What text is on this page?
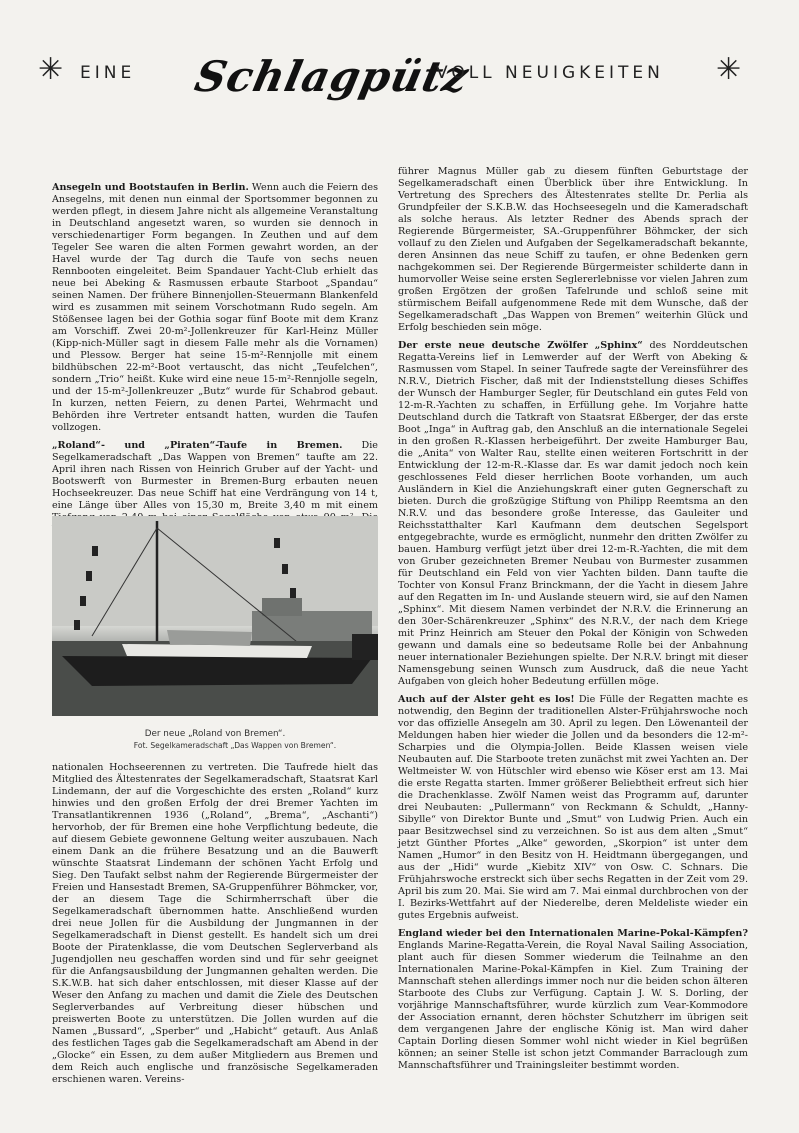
✳ EINE Schlagpütz
VOLL NEUIGKEITEN ✳

Ansegeln und Bootstaufen in Berlin. Wenn auch die Feiern des Ansegelns, mit denen nun einmal der Sportsommer begonnen zu werden pflegt, in diesem Jahre nicht als allgemeine Veranstaltung in Deutschland angesetzt waren, so wurden sie dennoch in verschiedenartiger Form begangen. In Zeuthen und auf dem Tegeler See waren die alten Formen gewahrt worden, an der Havel wurde der Tag durch die Taufe von sechs neuen Rennbooten eingeleitet. Beim Spandauer Yacht-Club erhielt das neue bei Abeking & Rasmussen erbaute Starboot „Spandau“ seinen Namen. Der frühere Binnenjollen-Steuermann Blankenfeld wird es zusammen mit seinem Vorschotmann Rudo segeln. Am Stößensee lagen bei der Gothia sogar fünf Boote mit dem Kranz am Vorschiff. Zwei 20-m²-Jollenkreuzer für Karl-Heinz Müller (Kipp-nich-Müller sagt in diesem Falle mehr als die Vornamen) und Plessow. Berger hat seine 15-m²-Rennjolle mit einem bildhübschen 22-m²-Boot vertauscht, das nicht „Teufelchen“, sondern „Trio“ heißt. Kuke wird eine neue 15-m²-Rennjolle segeln, und der 15-m²-Jollenkreuzer „Butz“ wurde für Schabrod gebaut. In kurzen, netten Feiern, zu denen Partei, Wehrmacht und Behörden ihre Vertreter entsandt hatten, wurden die Taufen vollzogen.

„Roland“- und „Piraten“-Taufe in Bremen. Die Segelkameradschaft „Das Wappen von Bremen“ taufte am 22. April ihren nach Rissen von Heinrich Gruber auf der Yacht- und Bootswerft von Burmester in Bremen-Burg erbauten neuen Hochseekreuzer. Das neue Schiff hat eine Verdrängung von 14 t, eine Länge über Alles von 15,30 m, Breite 3,40 m mit einem

Der neue „Roland von Bremen“.
Fot. Segelkameradschaft „Das Wappen von Bremen“.

nationalen Hochseerennen zu vertreten. Die Taufrede hielt das Mitglied des Ältestenrates der Segelkameradschaft, Staatsrat Karl Lindemann, der auf die Vorgeschichte des ersten „Roland“ kurz hinwies und den großen Erfolg der drei Bremer Yachten im Transatlantikrennen 1936 („Roland“, „Brema“, „Aschanti“) hervorhob, der für Bremen eine hohe Verpflichtung bedeute, die auf diesem Gebiete gewonnene Geltung weiter auszubauen. Nach einem Dank an die frühere Besatzung und an die Bauwerft wünschte Staatsrat Lindemann der schönen Yacht Erfolg und Sieg. Den Taufakt selbst nahm der Regierende Bürgermeister der Freien und Hansestadt Bremen, SA-Gruppenführer Böhmcker, vor, der an diesem Tage die Schirmherrschaft über die Segelkameradschaft übernommen hatte. Anschließend wurden drei neue Jollen für die Ausbildung der Jungmannen in der Segelkameradschaft in Dienst gestellt. Es handelt sich um drei Boote der Piratenklasse, die vom Deutschen Seglerverband als Jugendjollen neu geschaffen worden sind und für sehr geeignet für die Anfangsausbildung der Jungmannen gehalten werden. Die S.K.W.B. hat sich daher entschlossen, mit dieser Klasse auf der Weser den Anfang zu machen und damit die Ziele des Deutschen Seglerverbandes auf Verbreitung dieser hübschen und preiswerten Boote zu unterstützen. Die Jollen wurden auf die Namen „Bussard“, „Sperber“ und „Habicht“ getauft. Aus Anlaß des festlichen Tages gab die Segelkameradschaft am Abend in der „Glocke“ ein Essen, zu dem außer Mitgliedern aus Bremen und dem Reich auch englische und französische Segelkameraden erschienen waren. Vereins-

führer Magnus Müller gab zu diesem fünften Geburtstage der Segelkameradschaft einen Überblick über ihre Entwicklung. In Vertretung des Sprechers des Ältestenrates stellte Dr. Perlia als Grundpfeiler der S.K.B.W. das Hochseesegeln und die Kameradschaft als solche heraus. Als letzter Redner des Abends sprach der Regierende Bürgermeister, SA.-Gruppenführer Böhmcker, der sich vollauf zu den Zielen und Aufgaben der Segelkameradschaft bekannte, deren Ansinnen das neue Schiff zu taufen, er ohne Bedenken gern nachgekommen sei. Der Regierende Bürgermeister schilderte dann in humorvoller Weise seine ersten Seglererlebnisse vor vielen Jahren zum großen Ergötzen der großen Tafelrunde und schloß seine mit stürmischem Beifall aufgenommene Rede mit dem Wunsche, daß der Segelkameradschaft „Das Wappen von Bremen“ weiterhin Glück und Erfolg beschieden sein möge.

Der erste neue deutsche Zwölfer „Sphinx“ des Norddeutschen Regatta-Vereins lief in Lemwerder auf der Werft von Abeking & Rasmussen vom Stapel. In seiner Taufrede sagte der Vereinsführer des N.R.V., Dietrich Fischer, daß mit der Indienststellung dieses Schiffes der Wunsch der Hamburger Segler, für Deutschland ein gutes Feld von 12-m-R.-Yachten zu schaffen, in Erfüllung gehe. Im Vorjahre hatte Deutschland durch die Tatkraft von Staatsrat Eßberger, der das erste Boot „Inga“ in Auftrag gab, den Anschluß an die internationale Segelei in den großen R.-Klassen herbeigeführt. Der zweite Hamburger Bau, die „Anita“ von Walter Rau, stellte einen weiteren Fortschritt in der Entwicklung der 12-m-R.-Klasse dar. Es war damit jedoch noch kein geschlossenes Feld dieser herrlichen Boote vorhanden, um auch Ausländern in Kiel die Anziehungskraft einer guten Gegnerschaft zu bieten. Durch die großzügige Stiftung von Philipp Reemtsma an den N.R.V. und das besondere große Interesse, das Gauleiter und Reichsstatthalter Karl Kaufmann dem deutschen Segelsport entgegebrachte, wurde es ermöglicht, nunmehr den dritten Zwölfer zu bauen. Hamburg verfügt jetzt über drei 12-m-R.-Yachten, die mit dem von Gruber gezeichneten Bremer Neubau von Burmester zusammen für Deutschland ein Feld von vier Yachten bilden. Dann taufte die Tochter von Konsul Franz Brinckmann, der die Yacht in diesem Jahre auf den Regatten im In- und Auslande steuern wird, sie auf den Namen „Sphinx“. Mit diesem Namen verbindet der N.R.V. die Erinnerung an den 30er-Schärenkreuzer „Sphinx“ des N.R.V., der nach dem Kriege mit Prinz Heinrich am Steuer den Pokal der Königin von Schweden gewann und damals eine so bedeutsame Rolle bei der Anbahnung neuer internationaler Beziehungen spielte. Der N.R.V. bringt mit dieser Namensgebung seinen Wunsch zum Ausdruck, daß die neue Yacht Aufgaben von gleich hoher Bedeutung erfüllen möge.

Auch auf der Alster geht es los! Die Fülle der Regatten machte es notwendig, den Beginn der traditionellen Alster-Frühjahrswoche noch vor das offizielle Ansegeln am 30. April zu legen. Den Löwenanteil der Meldungen haben hier wieder die Jollen und da besonders die 12-m²-Scharpies und die Olympia-Jollen. Beide Klassen weisen viele Neubauten auf. Die Starboote treten zunächst mit zwei Yachten an. Der Weltmeister W. von Hütschler wird ebenso wie Köser erst am 13. Mai die erste Regatta starten. Immer größerer Beliebtheit erfreut sich hier die Drachenklasse. Zwölf Namen weist das Programm auf, darunter drei Neubauten: „Pullermann“ von Reckmann & Schuldt, „Hanny-Sibylle“ von Direktor Bunte und „Smut“ von Ludwig Prien. Auch ein paar Besitzwechsel sind zu verzeichnen. So ist aus dem alten „Smut“ jetzt Günther Pfortes „Alke“ geworden, „Skorpion“ ist unter dem Namen „Humor“ in den Besitz von H. Heidtmann übergegangen, und aus der „Hidi“ wurde „Kiebitz XIV“ von Osw. C. Schnars. Die Frühjahrswoche erstreckt sich über sechs Regatten in der Zeit vom 29. April bis zum 20. Mai. Sie wird am 7. Mai einmal durchbrochen von der I. Bezirks-Wettfahrt auf der Niederelbe, deren Meldeliste wieder ein gutes Ergebnis aufweist.

England wieder bei den Internationalen Marine-Pokal-Kämpfen? Englands Marine-Regatta-Verein, die Royal Naval Sailing Association, plant auch für diesen Sommer wiederum die Teilnahme an den Internationalen Marine-Pokal-Kämpfen in Kiel. Zum Training der Mannschaft stehen allerdings immer noch nur die beiden schon älteren Starboote des Clubs zur Verfügung. Captain J. W. S. Dorling, der vorjährige Mannschaftsführer, wurde kürzlich zum Vear-Kommodore der Association ernannt, deren höchster Schutzherr im übrigen seit dem vergangenen Jahre der englische König ist. Man wird daher Captain Dorling diesen Sommer wohl nicht wieder in Kiel begrüßen können; an seiner Stelle ist schon jetzt Commander Barraclough zum Mannschaftsführer und Trainingsleiter bestimmt worden.
